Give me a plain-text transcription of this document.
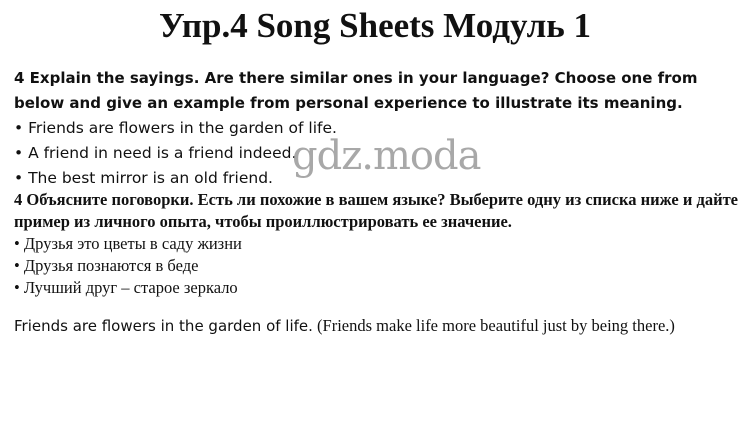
Упр.4 Song Sheets Модуль 1
4 Explain the sayings. Are there similar ones in your language? Choose one from below and give an example from personal experience to illustrate its meaning.
• Friends are flowers in the garden of life.
• A friend in need is a friend indeed.
• The best mirror is an old friend.
4 Объясните поговорки. Есть ли похожие в вашем языке? Выберите одну из списка ниже и дайте пример из личного опыта, чтобы проиллюстрировать ее значение.
• Друзья это цветы в саду жизни
• Друзья познаются в беде
• Лучший друг – старое зеркало
Friends are flowers in the garden of life. (Friends make life more beautiful just by being there.)
gdz.moda
